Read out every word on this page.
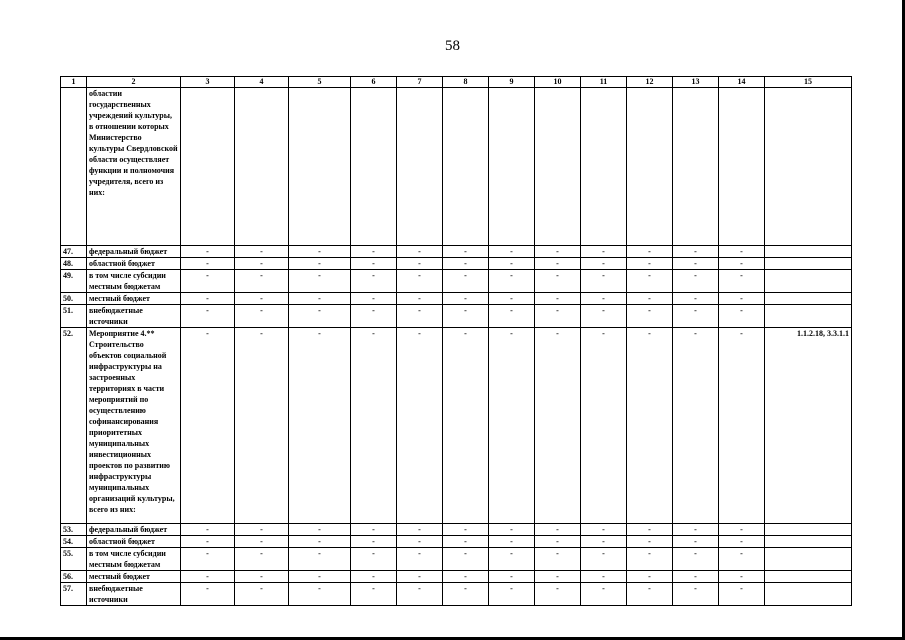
58
1	2	3	4	5	6	7	8	9	10	11	12	13	14	15
	областии государственных учреждений культуры, в отношении которых Министерство культуры Свердловской области осуществляет функции и полномочия учредителя, всего из них:													
47.	федеральный бюджет	-	-	-	-	-	-	-	-	-	-	-	-	
48.	областной бюджет	-	-	-	-	-	-	-	-	-	-	-	-	
49.	в том числе субсидии местным бюджетам	-	-	-	-	-	-	-	-	-	-	-	-	
50.	местный бюджет	-	-	-	-	-	-	-	-	-	-	-	-	
51.	внебюджетные источники	-	-	-	-	-	-	-	-	-	-	-	-	
52.	Мероприятие 4.** Строительство объектов социальной инфраструктуры на застроенных территориях в части мероприятий по осуществлению софинансирования приоритетных муниципальных инвестиционных проектов по развитию инфраструктуры муниципальных организаций культуры, всего из них:	-	-	-	-	-	-	-	-	-	-	-	-	1.1.2.18, 3.3.1.1
53.	федеральный бюджет	-	-	-	-	-	-	-	-	-	-	-	-	
54.	областной бюджет	-	-	-	-	-	-	-	-	-	-	-	-	
55.	в том числе субсидии местным бюджетам	-	-	-	-	-	-	-	-	-	-	-	-	
56.	местный бюджет	-	-	-	-	-	-	-	-	-	-	-	-	
57.	внебюджетные источники	-	-	-	-	-	-	-	-	-	-	-	-	
